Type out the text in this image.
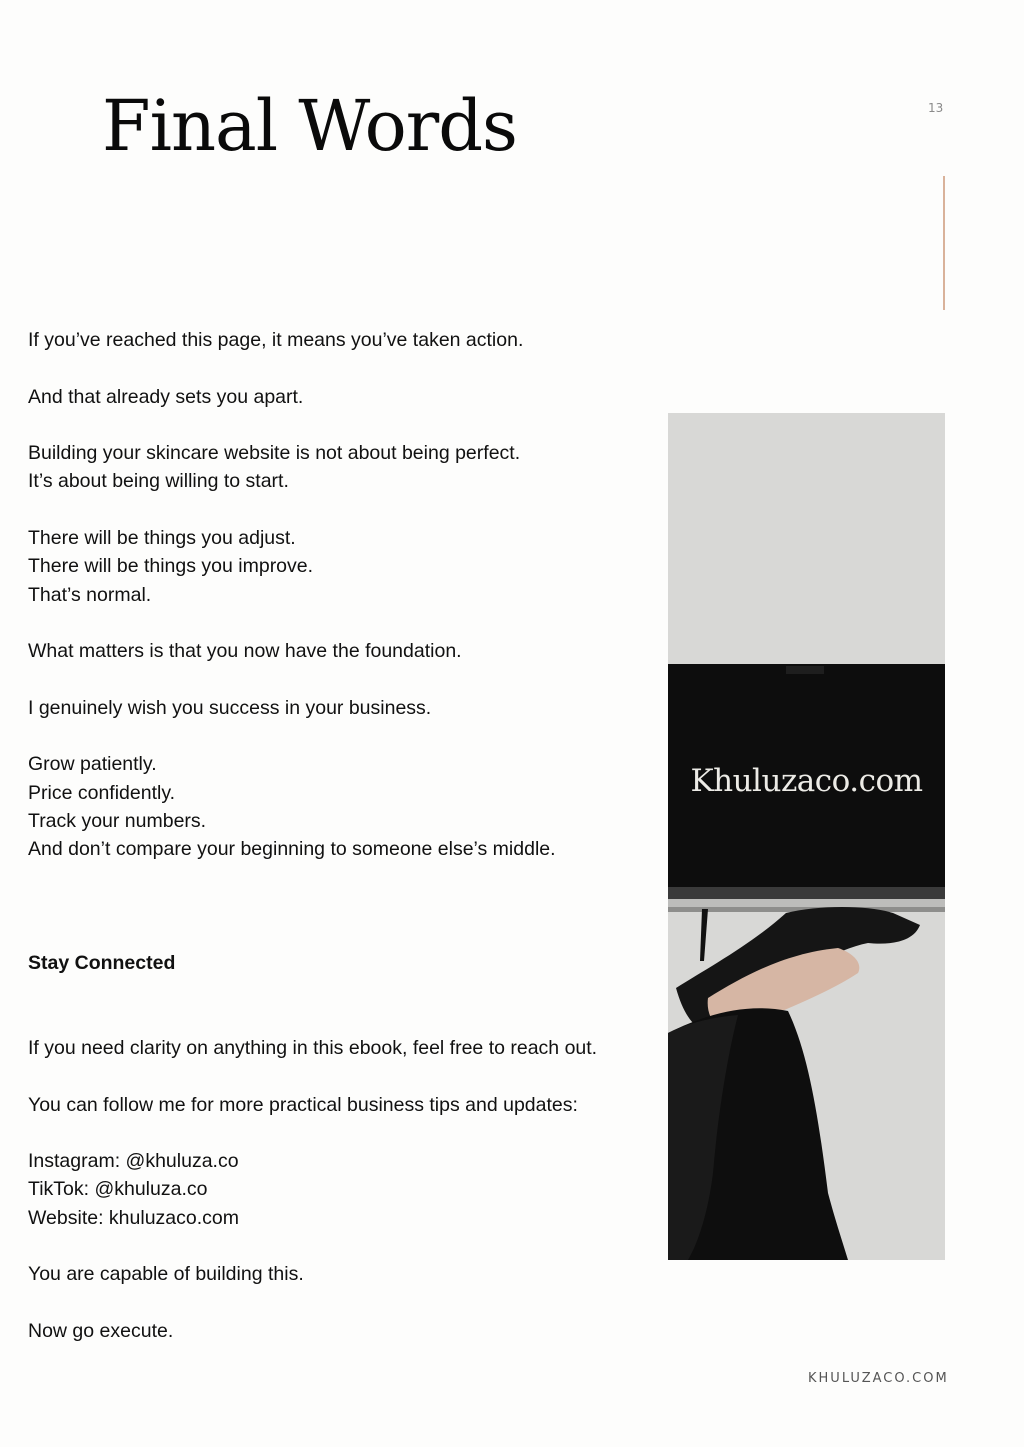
Final Words	13

If you’ve reached this page, it means you’ve taken action.

And that already sets you apart.

Building your skincare website is not about being perfect.

It’s about being willing to start.

There will be things you adjust.

There will be things you improve.

That’s normal.

What matters is that you now have the foundation.

I genuinely wish you success in your business.

Grow patiently.

Price confidently.

Track your numbers.

And don’t compare your beginning to someone else’s middle.

Stay Connected

If you need clarity on anything in this ebook, feel free to reach out.

You can follow me for more practical business tips and updates:

Instagram: @khuluza.co

TikTok: @khuluza.co

Website: khuluzaco.com

You are capable of building this.

Now go execute.

Khuluzaco.com
KHULUZACO.COM
